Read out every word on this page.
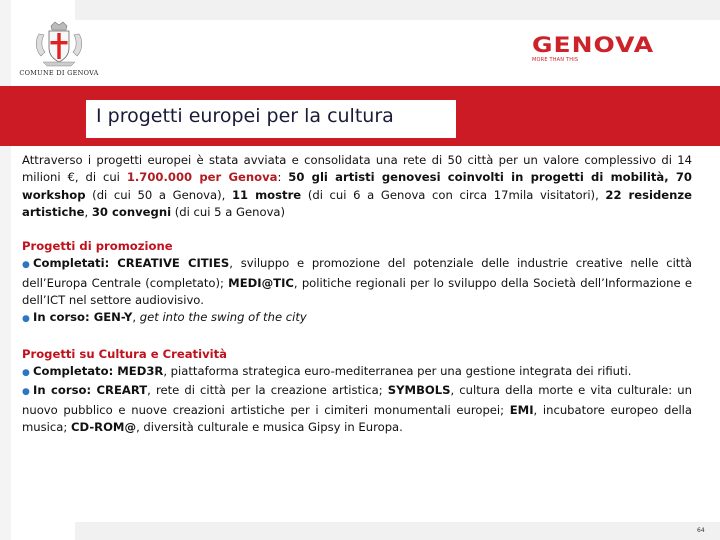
COMUNE DI GENOVA
GENOVA
MORE THAN THIS
I progetti europei per la cultura

Attraverso i progetti europei è stata avviata e consolidata una rete di 50 città per un valore complessivo di 14 milioni €, di cui 1.700.000 per Genova: 50 gli artisti genovesi coinvolti in progetti di mobilità, 70 workshop (di cui 50 a Genova), 11 mostre (di cui 6 a Genova con circa 17mila visitatori), 22 residenze artistiche, 30 convegni (di cui 5 a Genova)

Progetti di promozione

● Completati: CREATIVE CITIES, sviluppo e promozione del potenziale delle industrie creative nelle città dell’Europa Centrale (completato); MEDI@TIC, politiche regionali per lo sviluppo della Società dell’Informazione e dell’ICT nel settore audiovisivo.

● In corso: GEN-Y, get into the swing of the city

Progetti su Cultura e Creatività

● Completato: MED3R, piattaforma strategica euro-mediterranea per una gestione integrata dei rifiuti.

● In corso: CREART, rete di città per la creazione artistica; SYMBOLS, cultura della morte e vita culturale: un nuovo pubblico e nuove creazioni artistiche per i cimiteri monumentali europei; EMI, incubatore europeo della musica; CD-ROM@, diversità culturale e musica Gipsy in Europa.

64
